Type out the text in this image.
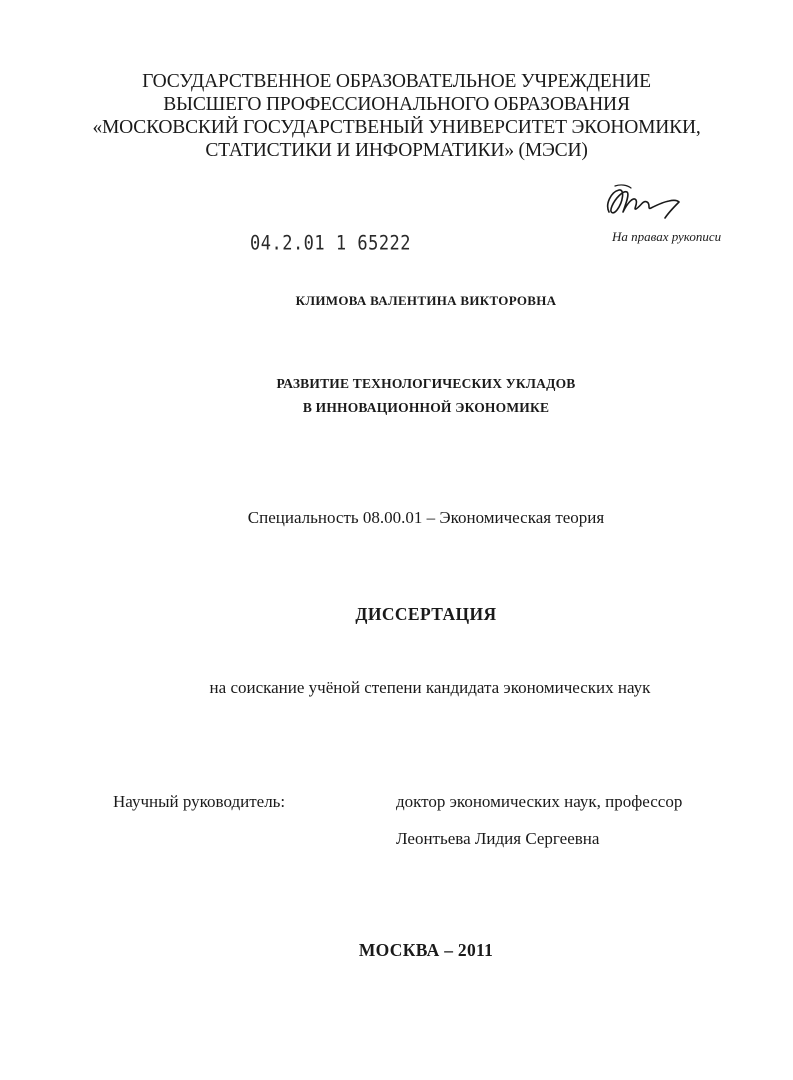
ГОСУДАРСТВЕННОЕ ОБРАЗОВАТЕЛЬНОЕ УЧРЕЖДЕНИЕ
ВЫСШЕГО ПРОФЕССИОНАЛЬНОГО ОБРАЗОВАНИЯ
«МОСКОВСКИЙ ГОСУДАРСТВЕНЫЙ УНИВЕРСИТЕТ ЭКОНОМИКИ,
СТАТИСТИКИ И ИНФОРМАТИКИ» (МЭСИ)
04.2.01 1 65222	На правах рукописи
КЛИМОВА ВАЛЕНТИНА ВИКТОРОВНА
РАЗВИТИЕ ТЕХНОЛОГИЧЕСКИХ УКЛАДОВ
В ИННОВАЦИОННОЙ ЭКОНОМИКЕ
Специальность 08.00.01 – Экономическая теория
ДИССЕРТАЦИЯ
на соискание учёной степени кандидата экономических наук
Научный руководитель:	доктор экономических наук, профессор
Леонтьева Лидия Сергеевна
МОСКВА – 2011
